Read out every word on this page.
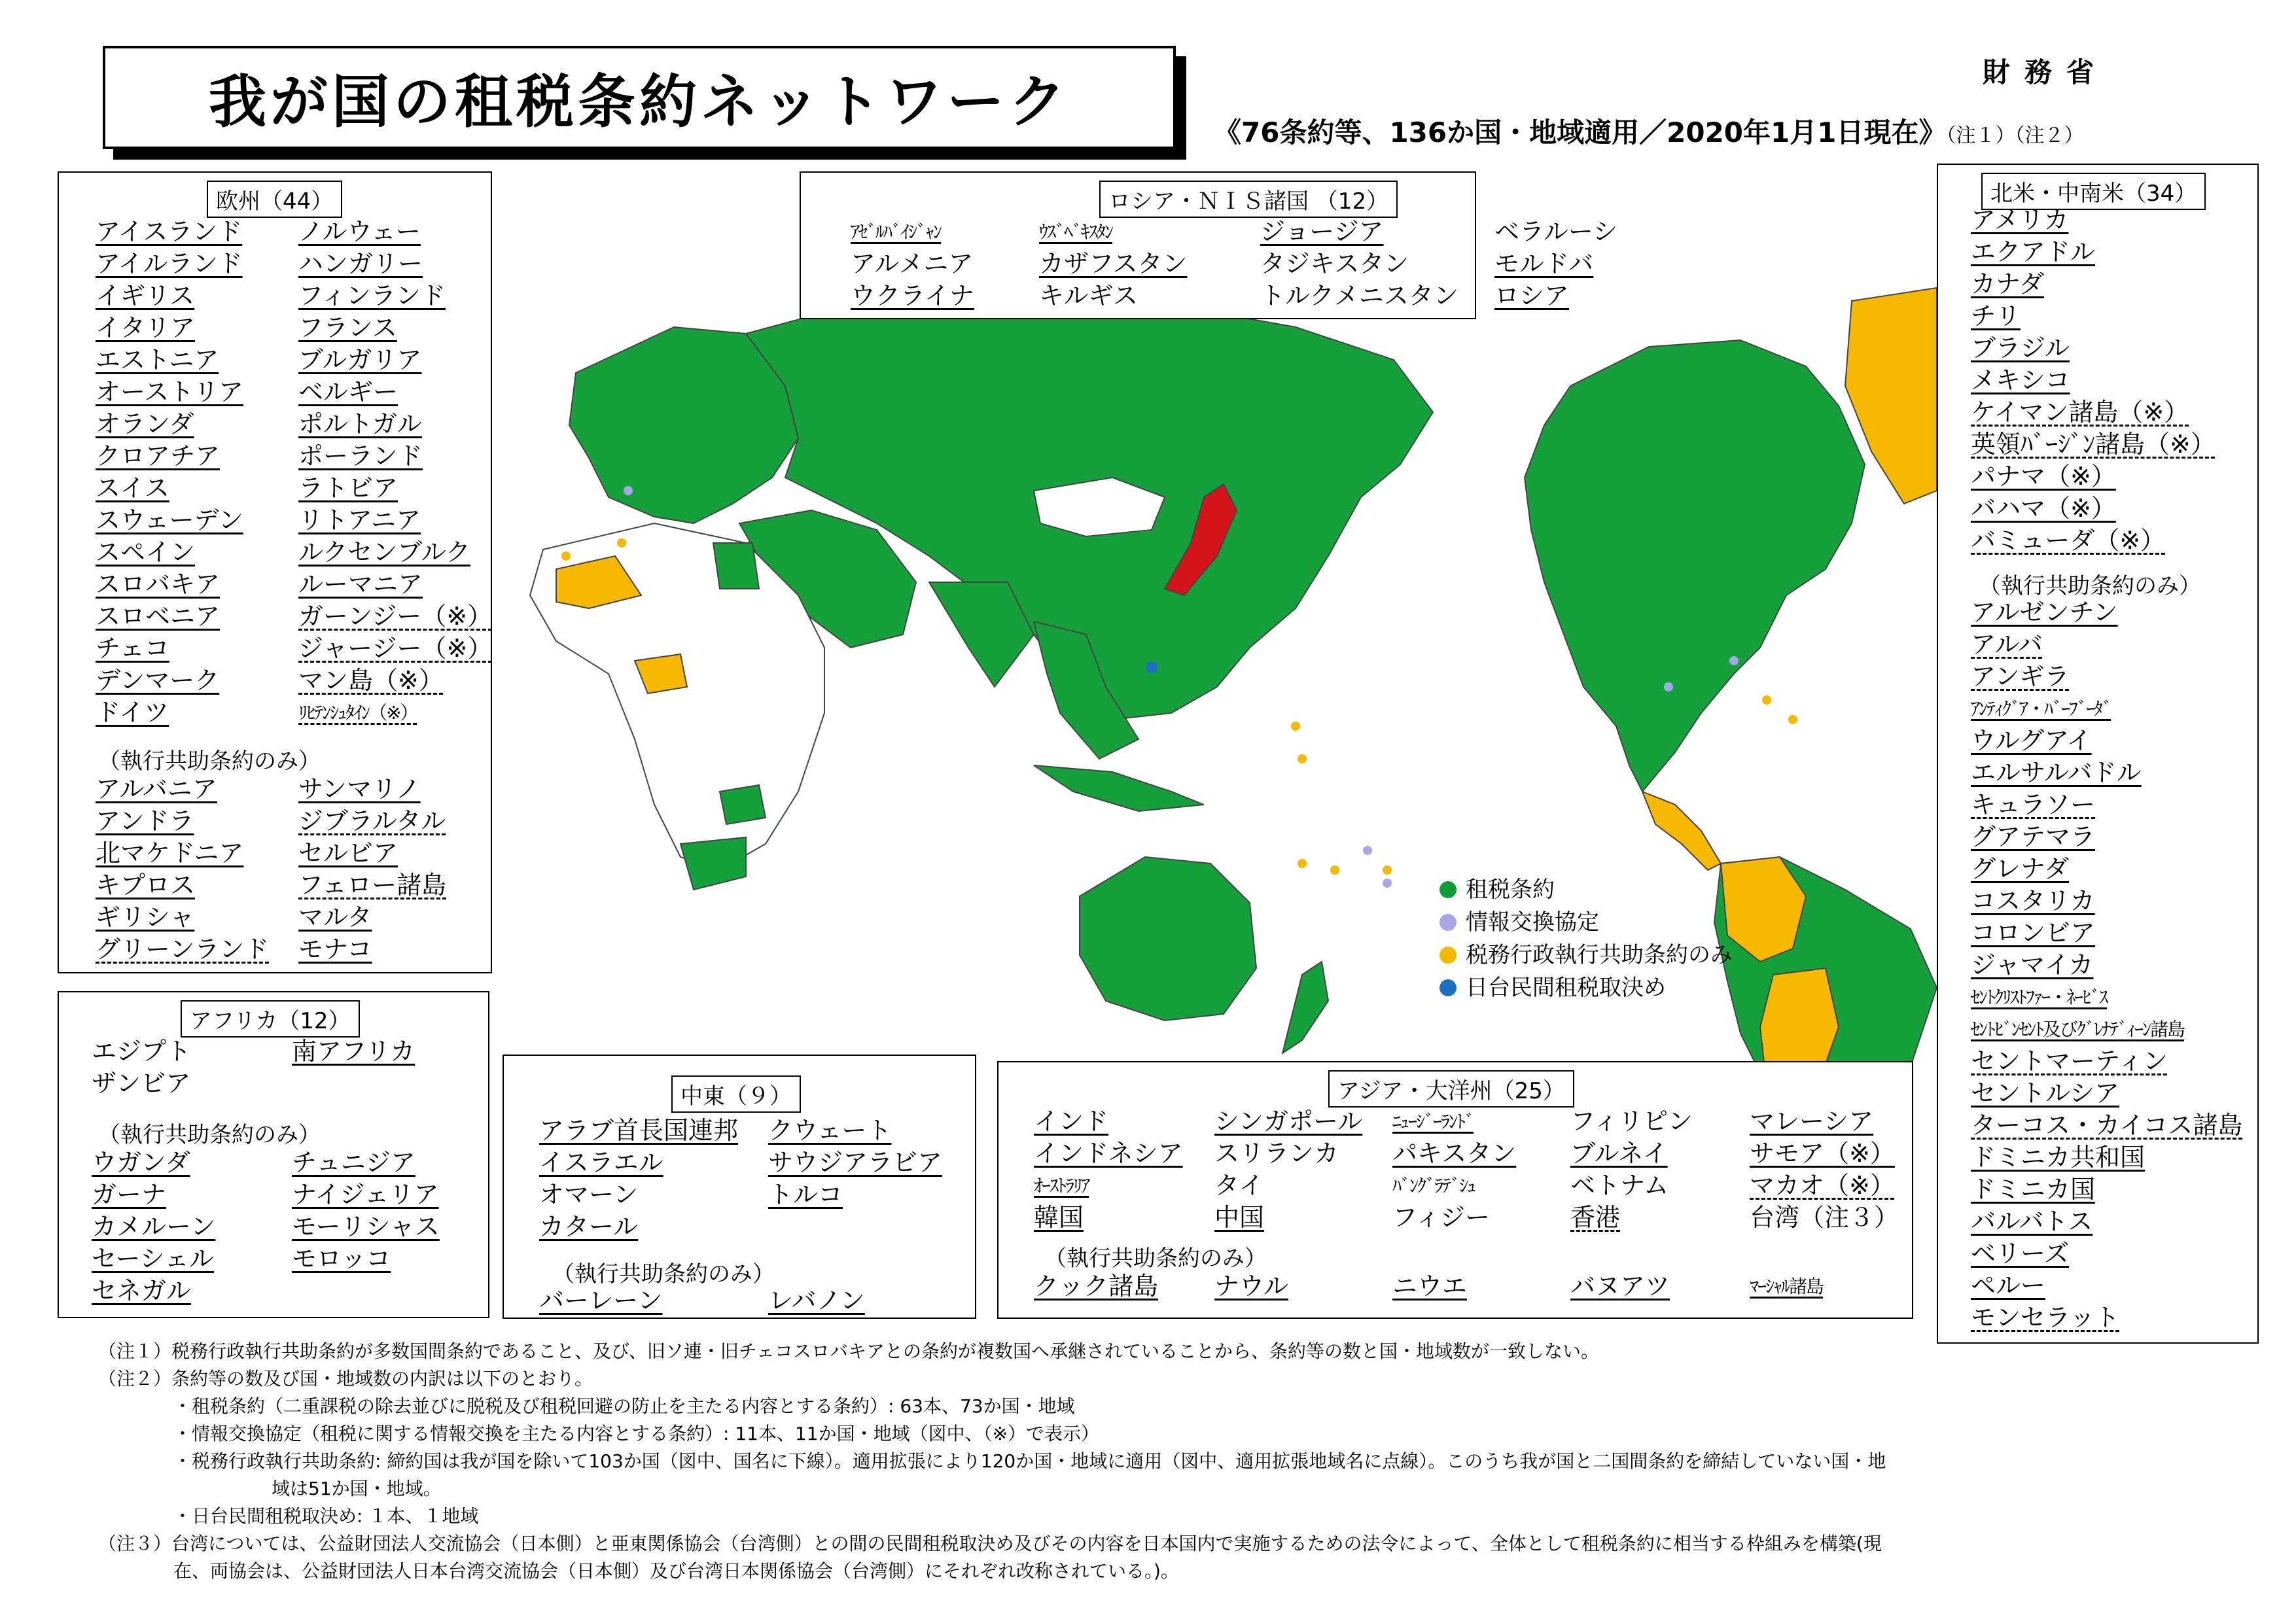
我が国の租税条約ネットワーク	財務省
《76条約等、136か国・地域適用／2020年1月1日現在》（注１）（注２）
租税条約
情報交換協定
税務行政執行共助条約のみ
日台民間租税取決め
欧州（44）
アイスランド
アイルランド
イギリス
イタリア
エストニア
オーストリア
オランダ
クロアチア
スイス
スウェーデン
スペイン
スロバキア
スロベニア
チェコ
デンマーク
ドイツ
ノルウェー
ハンガリー
フィンランド
フランス
ブルガリア
ベルギー
ポルトガル
ポーランド
ラトビア
リトアニア
ルクセンブルク
ルーマニア
ガーンジー（※）
ジャージー（※）
マン島（※）
ﾘﾋﾃﾝｼｭﾀｲﾝ（※）
（執行共助条約のみ）
アルバニア
アンドラ
北マケドニア
キプロス
ギリシャ
グリーンランド
サンマリノ
ジブラルタル
セルビア
フェロー諸島
マルタ
モナコ
ロシア・ＮＩＳ諸国 （12）
ｱｾﾞﾙﾊﾞｲｼﾞｬﾝ
アルメニア
ウクライナ
ｳｽﾞﾍﾞｷｽﾀﾝ
カザフスタン
キルギス
ジョージア
タジキスタン
トルクメニスタン
ベラルーシ
モルドバ
ロシア
北米・中南米（34）
アメリカ
エクアドル
カナダ
チリ
ブラジル
メキシコ
ケイマン諸島（※）
英領ﾊﾞｰｼﾞﾝ諸島（※）
パナマ（※）
バハマ（※）
バミューダ（※）
（執行共助条約のみ）
アルゼンチン
アルバ
アンギラ
ｱﾝﾃｨｸﾞｱ・ﾊﾞｰﾌﾞｰﾀﾞ
ウルグアイ
エルサルバドル
キュラソー
グアテマラ
グレナダ
コスタリカ
コロンビア
ジャマイカ
ｾﾝﾄｸﾘｽﾄﾌｧｰ・ﾈｰﾋﾞｽ
ｾﾝﾄﾋﾞﾝｾﾝﾄ及びｸﾞﾚﾅﾃﾞｨｰﾝ諸島
セントマーティン
セントルシア
ターコス・カイコス諸島
ドミニカ共和国
ドミニカ国
バルバトス
ベリーズ
ペルー
モンセラット
アフリカ（12）
エジプト
ザンビア
南アフリカ
（執行共助条約のみ）
ウガンダ
ガーナ
カメルーン
セーシェル
セネガル
チュニジア
ナイジェリア
モーリシャス
モロッコ
中東（９）
アラブ首長国連邦
イスラエル
オマーン
カタール
クウェート
サウジアラビア
トルコ
（執行共助条約のみ）
バーレーン	レバノン
アジア・大洋州（25）
インド
インドネシア
ｵｰｽﾄﾗﾘｱ
韓国
シンガポール
スリランカ
タイ
中国
ﾆｭｰｼﾞｰﾗﾝﾄﾞ
パキスタン
ﾊﾞﾝｸﾞﾗﾃﾞｼｭ
フィジー
フィリピン
ブルネイ
ベトナム
香港
マレーシア
サモア（※）
マカオ（※）
台湾（注３）
（執行共助条約のみ）
クック諸島 ナウル	ニウエ	バヌアツ	ﾏｰｼｬﾙ諸島

（注１）税務行政執行共助条約が多数国間条約であること、及び、旧ソ連・旧チェコスロバキアとの条約が複数国へ承継されていることから、条約等の数と国・地域数が一致しない。

（注２）条約等の数及び国・地域数の内訳は以下のとおり。

・租税条約（二重課税の除去並びに脱税及び租税回避の防止を主たる内容とする条約）: 63本、73か国・地域

・情報交換協定（租税に関する情報交換を主たる内容とする条約）: 11本、11か国・地域（図中、（※）で表示）

・税務行政執行共助条約: 締約国は我が国を除いて103か国（図中、国名に下線）。適用拡張により120か国・地域に適用（図中、適用拡張地域名に点線）。このうち我が国と二国間条約を締結していない国・地

域は51か国・地域。

・日台民間租税取決め: １本、１地域

（注３）台湾については、公益財団法人交流協会（日本側）と亜東関係協会（台湾側）との間の民間租税取決め及びその内容を日本国内で実施するための法令によって、全体として租税条約に相当する枠組みを構築(現

在、両協会は、公益財団法人日本台湾交流協会（日本側）及び台湾日本関係協会（台湾側）にそれぞれ改称されている。)。
